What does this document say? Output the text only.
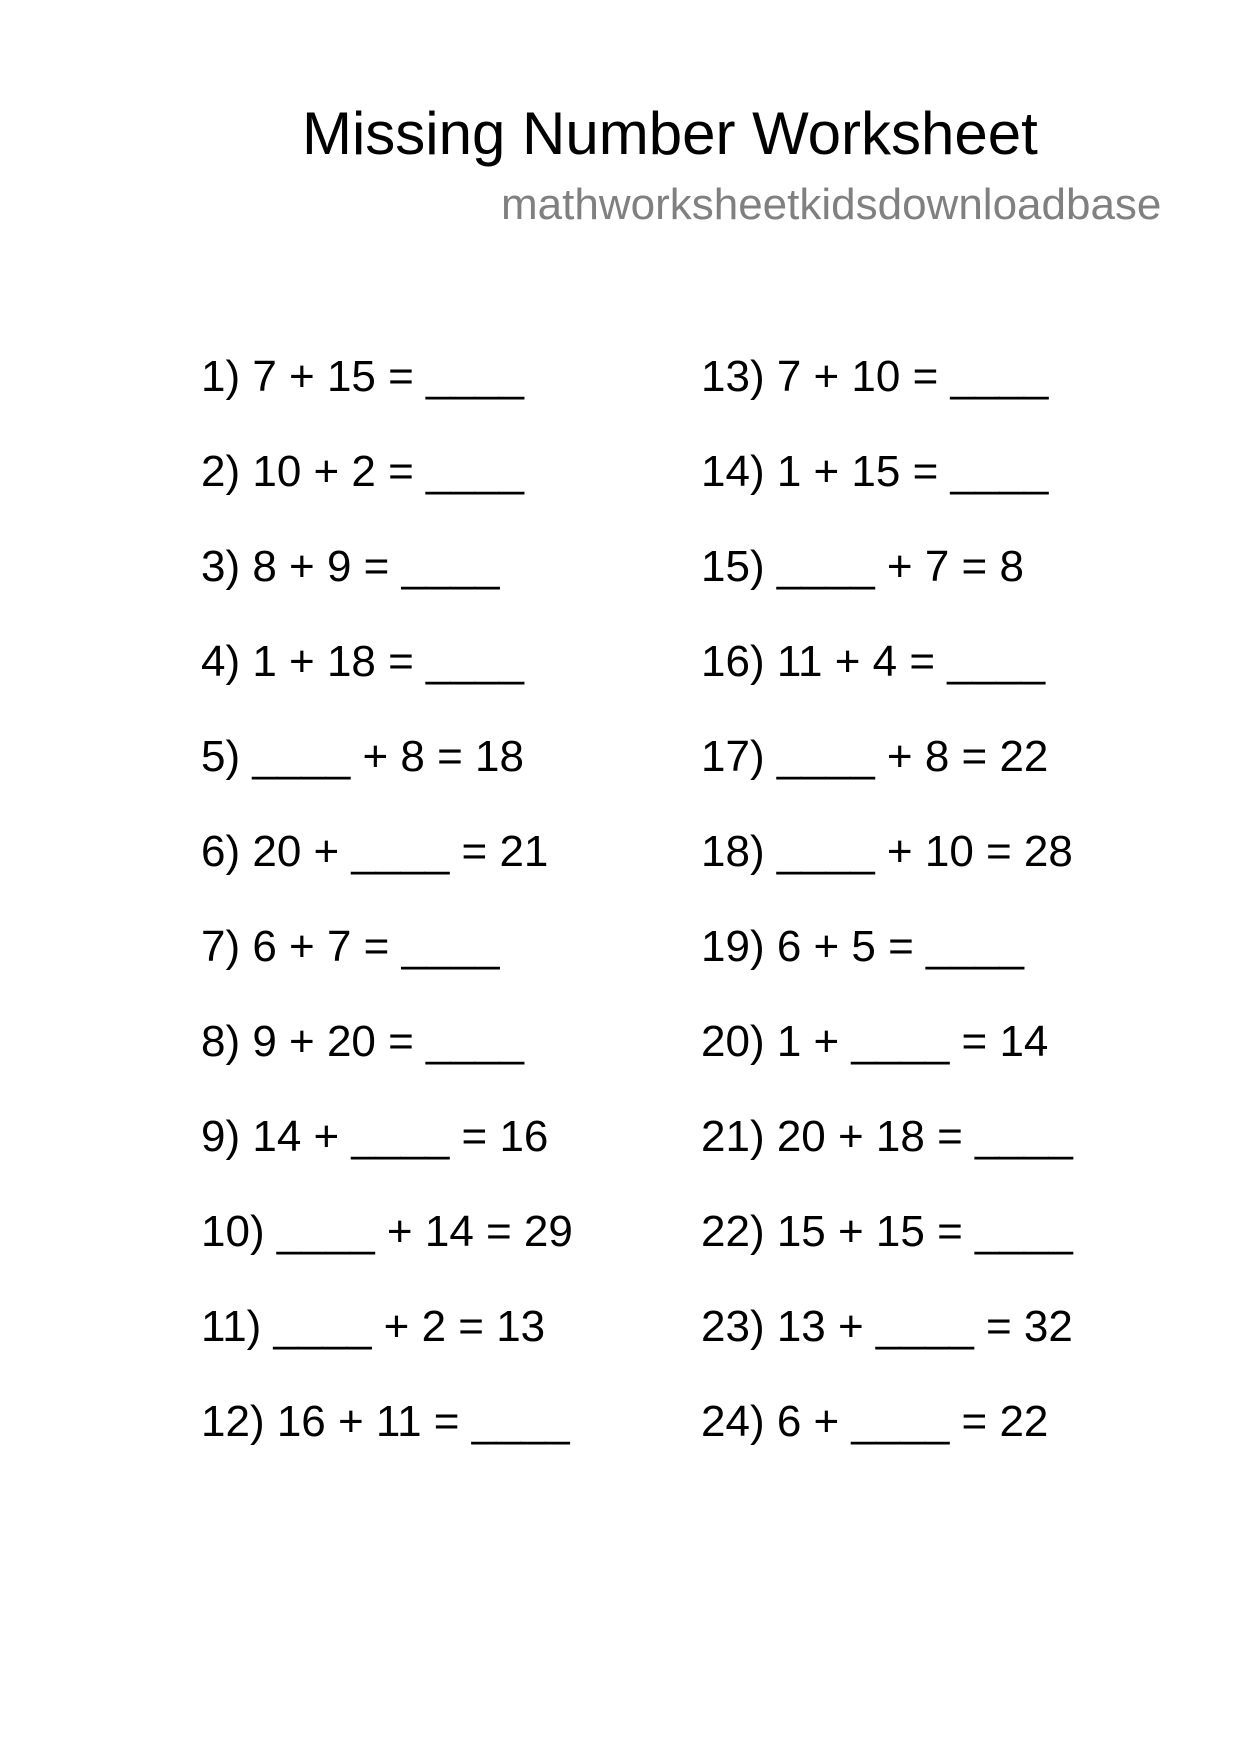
Missing Number Worksheet
mathworksheetkidsdownloadbase
1) 7 + 15 = ____
2) 10 + 2 = ____
3) 8 + 9 = ____
4) 1 + 18 = ____
5) ____ + 8 = 18
6) 20 + ____ = 21
7) 6 + 7 = ____
8) 9 + 20 = ____
9) 14 + ____ = 16
10) ____ + 14 = 29
11) ____ + 2 = 13
12) 16 + 11 = ____
13) 7 + 10 = ____
14) 1 + 15 = ____
15) ____ + 7 = 8
16) 11 + 4 = ____
17) ____ + 8 = 22
18) ____ + 10 = 28
19) 6 + 5 = ____
20) 1 + ____ = 14
21) 20 + 18 = ____
22) 15 + 15 = ____
23) 13 + ____ = 32
24) 6 + ____ = 22
